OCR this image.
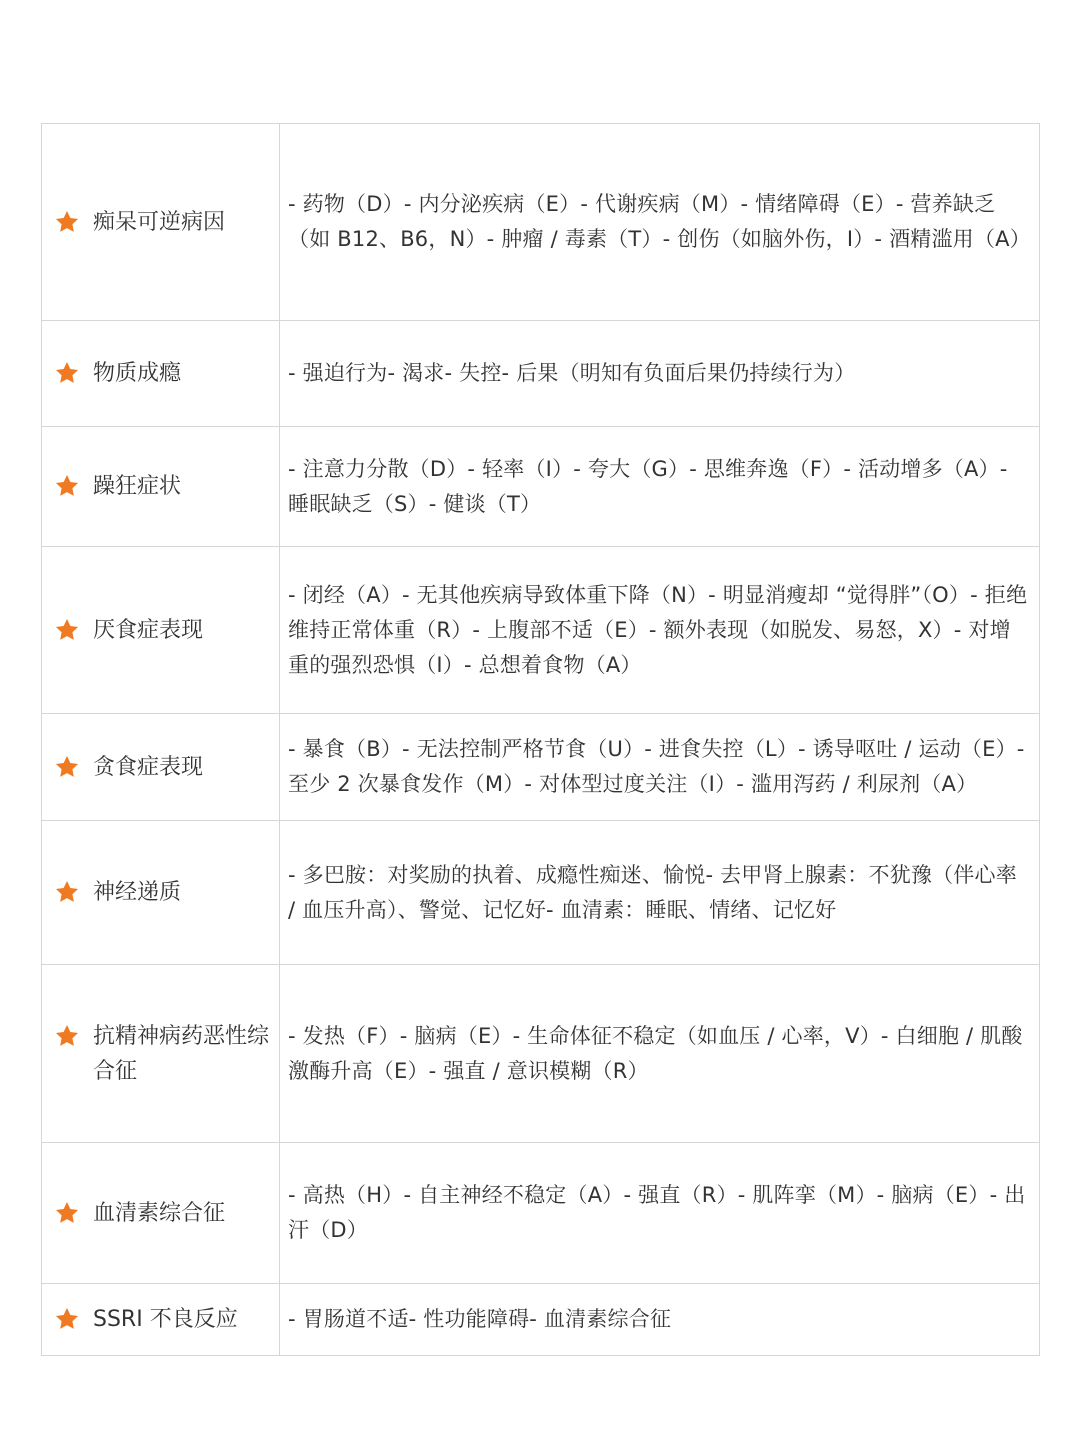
痴呆可逆病因	- 药物（D）- 内分泌疾病（E）- 代谢疾病（M）- 情绪障碍（E）- 营养缺乏（如 B12、B6，N）- 肿瘤 / 毒素（T）- 创伤（如脑外伤，I）- 酒精滥用（A）

物质成瘾	- 强迫行为- 渴求- 失控- 后果（明知有负面后果仍持续行为）

躁狂症状	- 注意力分散（D）- 轻率（I）- 夸大（G）- 思维奔逸（F）- 活动增多（A）- 睡眠缺乏（S）- 健谈（T）

厌食症表现	- 闭经（A）- 无其他疾病导致体重下降（N）- 明显消瘦却 “觉得胖”（O）- 拒绝维持正常体重（R）- 上腹部不适（E）- 额外表现（如脱发、易怒，X）- 对增重的强烈恐惧（I）- 总想着食物（A）

贪食症表现	- 暴食（B）- 无法控制严格节食（U）- 进食失控（L）- 诱导呕吐 / 运动（E）- 至少 2 次暴食发作（M）- 对体型过度关注（I）- 滥用泻药 / 利尿剂（A）

神经递质	- 多巴胺：对奖励的执着、成瘾性痴迷、愉悦- 去甲肾上腺素：不犹豫（伴心率 / 血压升高）、警觉、记忆好- 血清素：睡眠、情绪、记忆好

抗精神病药恶性综合征	- 发热（F）- 脑病（E）- 生命体征不稳定（如血压 / 心率，V）- 白细胞 / 肌酸激酶升高（E）- 强直 / 意识模糊（R）

血清素综合征	- 高热（H）- 自主神经不稳定（A）- 强直（R）- 肌阵挛（M）- 脑病（E）- 出汗（D）

SSRI 不良反应	- 胃肠道不适- 性功能障碍- 血清素综合征
